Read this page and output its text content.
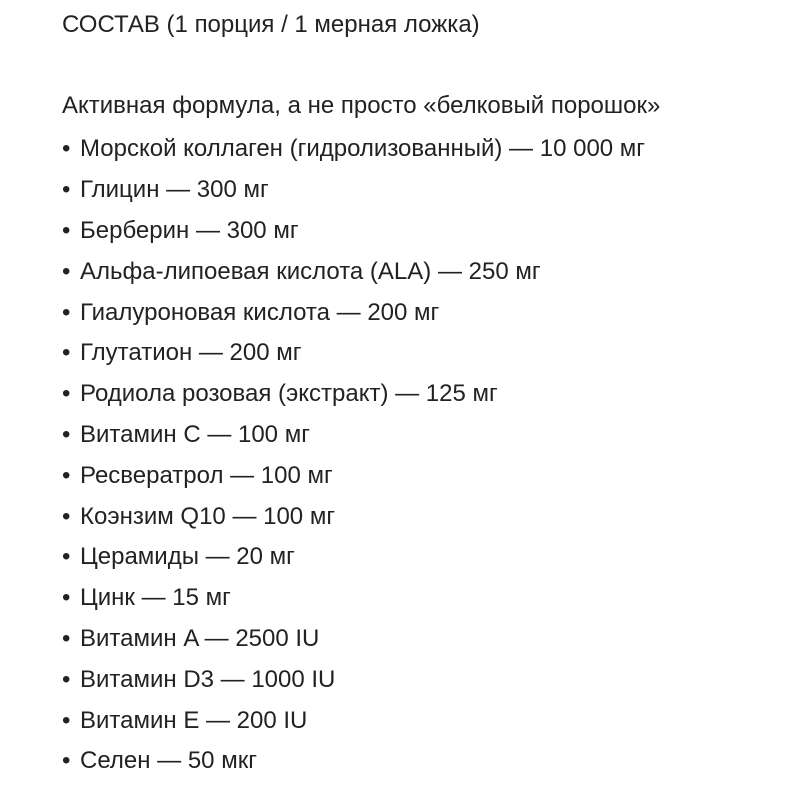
СОСТАВ (1 порция / 1 мерная ложка)
Активная формула, а не просто «белковый порошок»
• Морской коллаген (гидролизованный) — 10 000 мг
• Глицин — 300 мг
• Берберин — 300 мг
• Альфа-липоевая кислота (ALA) — 250 мг
• Гиалуроновая кислота — 200 мг
• Глутатион — 200 мг
• Родиола розовая (экстракт) — 125 мг
• Витамин C — 100 мг
• Ресвератрол — 100 мг
• Коэнзим Q10 — 100 мг
• Церамиды — 20 мг
• Цинк — 15 мг
• Витамин A — 2500 IU
• Витамин D3 — 1000 IU
• Витамин E — 200 IU
• Селен — 50 мкг
